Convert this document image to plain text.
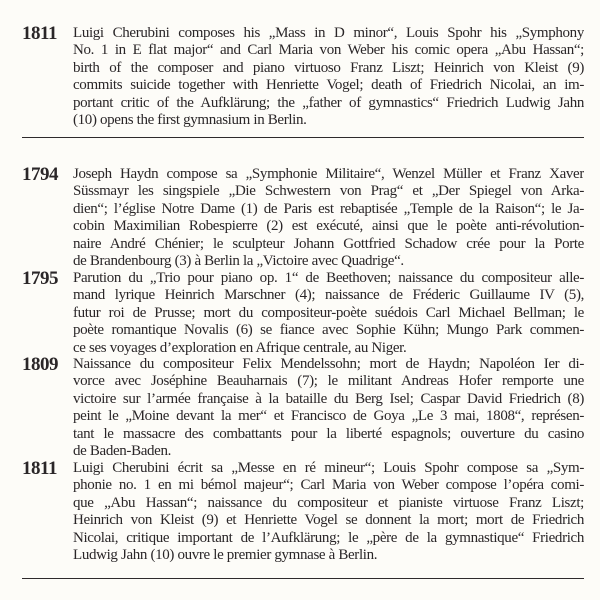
1811 Luigi Cherubini composes his „Mass in D minor“, Louis Spohr his „Symphony
No. 1 in E flat major“ and Carl Maria von Weber his comic opera „Abu Hassan“;
birth of the composer and piano virtuoso Franz Liszt; Heinrich von Kleist (9)
commits suicide together with Henriette Vogel; death of Friedrich Nicolai, an im-
portant critic of the Aufklärung; the „father of gymnastics“ Friedrich Ludwig Jahn
(10) opens the first gymnasium in Berlin.
1794 Joseph Haydn compose sa „Symphonie Militaire“, Wenzel Müller et Franz Xaver
Süssmayr les singspiele „Die Schwestern von Prag“ et „Der Spiegel von Arka-
dien“; l’église Notre Dame (1) de Paris est rebaptisée „Temple de la Raison“; le Ja-
cobin Maximilian Robespierre (2) est exécuté, ainsi que le poète anti-révolution-
naire André Chénier; le sculpteur Johann Gottfried Schadow crée pour la Porte
de Brandenbourg (3) à Berlin la „Victoire avec Quadrige“.
1795 Parution du „Trio pour piano op. 1“ de Beethoven; naissance du compositeur alle-
mand lyrique Heinrich Marschner (4); naissance de Fréderic Guillaume IV (5),
futur roi de Prusse; mort du compositeur-poète suédois Carl Michael Bellman; le
poète romantique Novalis (6) se fiance avec Sophie Kühn; Mungo Park commen-
ce ses voyages d’exploration en Afrique centrale, au Niger.
1809 Naissance du compositeur Felix Mendelssohn; mort de Haydn; Napoléon Ier di-
vorce avec Joséphine Beauharnais (7); le militant Andreas Hofer remporte une
victoire sur l’armée française à la bataille du Berg Isel; Caspar David Friedrich (8)
peint le „Moine devant la mer“ et Francisco de Goya „Le 3 mai, 1808“, représen-
tant le massacre des combattants pour la liberté espagnols; ouverture du casino
de Baden-Baden.
1811 Luigi Cherubini écrit sa „Messe en ré mineur“; Louis Spohr compose sa „Sym-
phonie no. 1 en mi bémol majeur“; Carl Maria von Weber compose l’opéra comi-
que „Abu Hassan“; naissance du compositeur et pianiste virtuose Franz Liszt;
Heinrich von Kleist (9) et Henriette Vogel se donnent la mort; mort de Friedrich
Nicolai, critique important de l’Aufklärung; le „père de la gymnastique“ Friedrich
Ludwig Jahn (10) ouvre le premier gymnase à Berlin.
